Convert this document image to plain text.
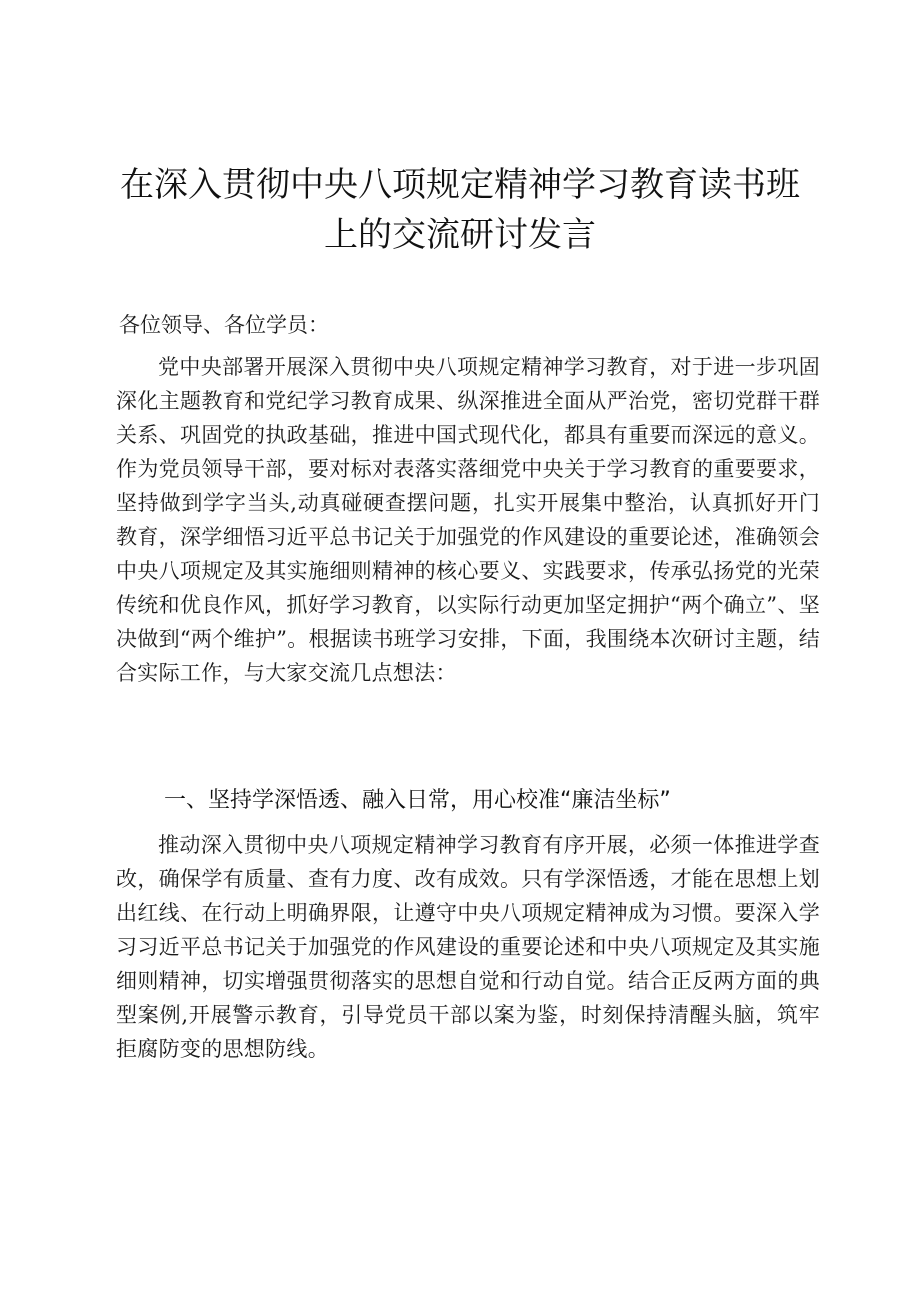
在深入贯彻中央八项规定精神学习教育读书班
上的交流研讨发言
各位领导、各位学员：

党中央部署开展深入贯彻中央八项规定精神学习教育，对于进一步巩固深化主题教育和党纪学习教育成果、纵深推进全面从严治党，密切党群干群关系、巩固党的执政基础，推进中国式现代化，都具有重要而深远的意义。作为党员领导干部，要对标对表落实落细党中央关于学习教育的重要要求，坚持做到学字当头,动真碰硬查摆问题，扎实开展集中整治，认真抓好开门教育，深学细悟习近平总书记关于加强党的作风建设的重要论述，准确领会中央八项规定及其实施细则精神的核心要义、实践要求，传承弘扬党的光荣传统和优良作风，抓好学习教育，以实际行动更加坚定拥护“两个确立”、坚决做到“两个维护”。根据读书班学习安排，下面，我围绕本次研讨主题，结合实际工作，与大家交流几点想法：

一、坚持学深悟透、融入日常，用心校准“廉洁坐标”

推动深入贯彻中央八项规定精神学习教育有序开展，必须一体推进学查改，确保学有质量、查有力度、改有成效。只有学深悟透，才能在思想上划出红线、在行动上明确界限，让遵守中央八项规定精神成为习惯。要深入学习习近平总书记关于加强党的作风建设的重要论述和中央八项规定及其实施细则精神，切实增强贯彻落实的思想自觉和行动自觉。结合正反两方面的典型案例,开展警示教育，引导党员干部以案为鉴，时刻保持清醒头脑，筑牢拒腐防变的思想防线。
